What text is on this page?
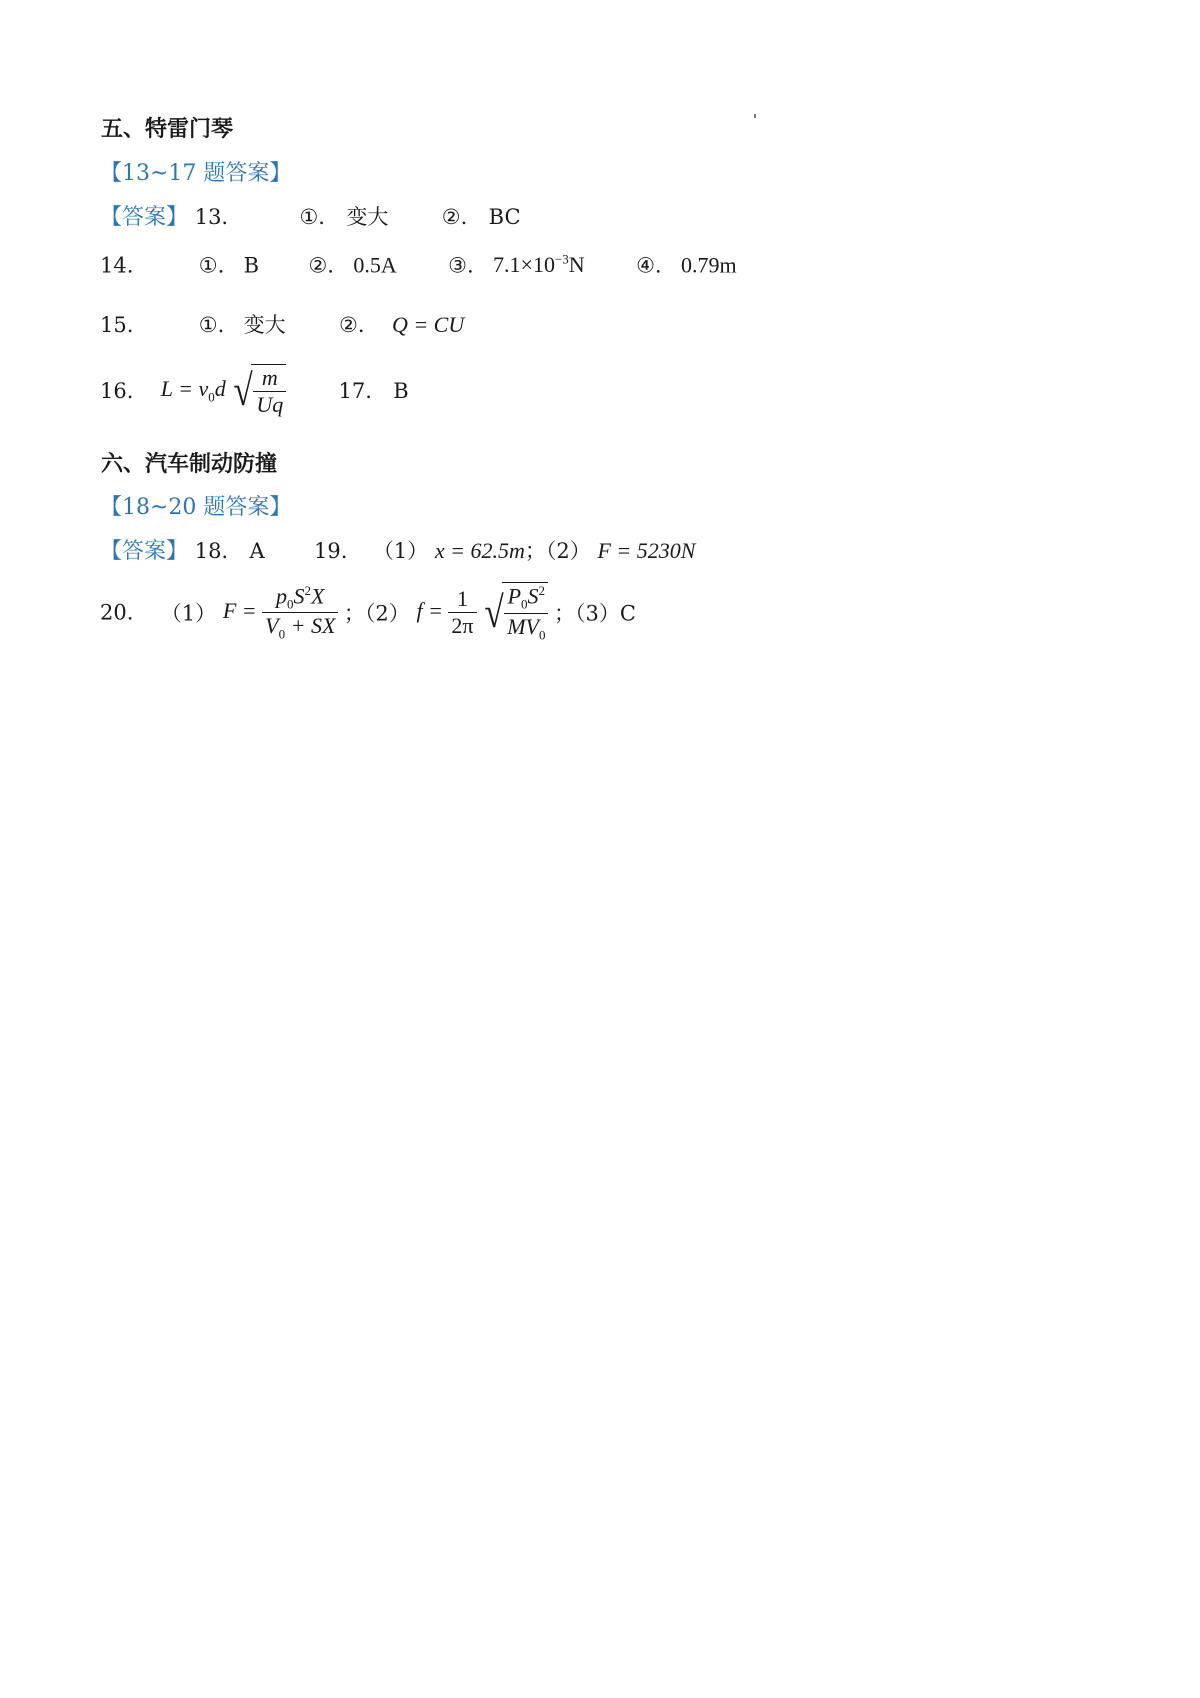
五、特雷门琴
【13~17 题答案】
【答案】 13.	①. 变大	②. BC
14.	①. B ②. 0.5A ③. $7.1\times 10^{-3}N$ ④. 0.79m
15.	①. 变大	②. Q = CU
16. $L = v_0d$ √ $\frac{m}{Uq} 17$. B
六、汽车制动防撞
【18~20 题答案】
【答案】 18. A 19. （1） x = 62.5m；（2） F = 5230N
20. （1） $F = \frac{p_0S^2X}{V_0 + SX}$ ；（2） $f = \frac{1}{2\pi}$ √ $\frac{P_0S^2}{MV_0}$ ；（3）C
